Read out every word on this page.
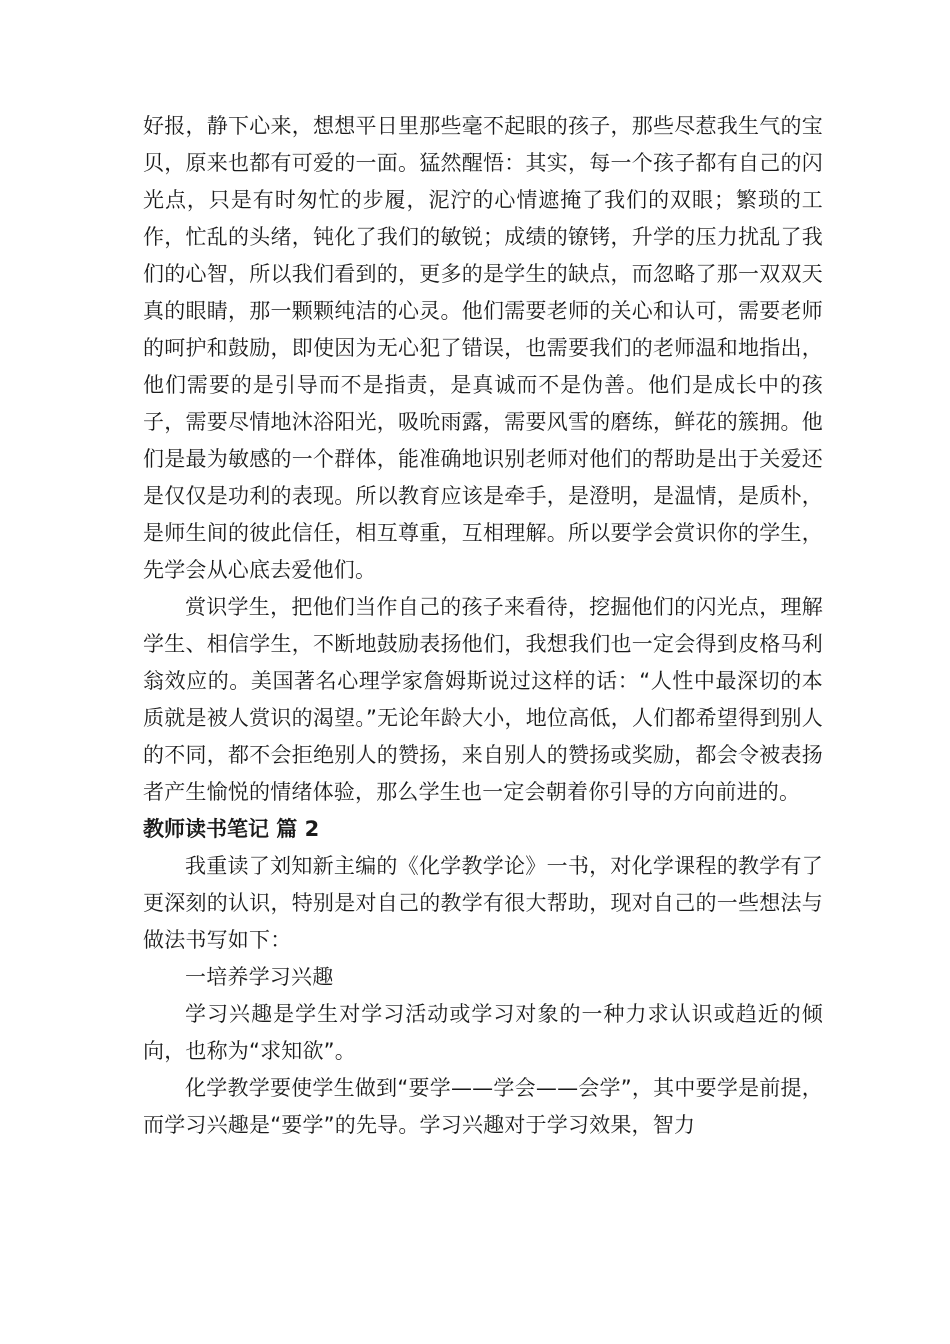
好报，静下心来，想想平日里那些毫不起眼的孩子，那些尽惹我生气的宝贝，原来也都有可爱的一面。猛然醒悟：其实，每一个孩子都有自己的闪光点，只是有时匆忙的步履，泥泞的心情遮掩了我们的双眼；繁琐的工作，忙乱的头绪，钝化了我们的敏锐；成绩的镣铐，升学的压力扰乱了我们的心智，所以我们看到的，更多的是学生的缺点，而忽略了那一双双天真的眼睛，那一颗颗纯洁的心灵。他们需要老师的关心和认可，需要老师的呵护和鼓励，即使因为无心犯了错误，也需要我们的老师温和地指出，他们需要的是引导而不是指责，是真诚而不是伪善。他们是成长中的孩子，需要尽情地沐浴阳光，吸吮雨露，需要风雪的磨练，鲜花的簇拥。他们是最为敏感的一个群体，能准确地识别老师对他们的帮助是出于关爱还是仅仅是功利的表现。所以教育应该是牵手，是澄明，是温情，是质朴，是师生间的彼此信任，相互尊重，互相理解。所以要学会赏识你的学生，先学会从心底去爱他们。

赏识学生，把他们当作自己的孩子来看待，挖掘他们的闪光点，理解学生、相信学生，不断地鼓励表扬他们，我想我们也一定会得到皮格马利翁效应的。美国著名心理学家詹姆斯说过这样的话：“人性中最深切的本质就是被人赏识的渴望。”无论年龄大小，地位高低，人们都希望得到别人的不同，都不会拒绝别人的赞扬，来自别人的赞扬或奖励，都会令被表扬者产生愉悦的情绪体验，那么学生也一定会朝着你引导的方向前进的。

教师读书笔记 篇 2

我重读了刘知新主编的《化学教学论》一书，对化学课程的教学有了更深刻的认识，特别是对自己的教学有很大帮助，现对自己的一些想法与做法书写如下：

一培养学习兴趣

学习兴趣是学生对学习活动或学习对象的一种力求认识或趋近的倾向，也称为“求知欲”。

化学教学要使学生做到“要学——学会——会学”，其中要学是前提，而学习兴趣是“要学”的先导。学习兴趣对于学习效果，智力
